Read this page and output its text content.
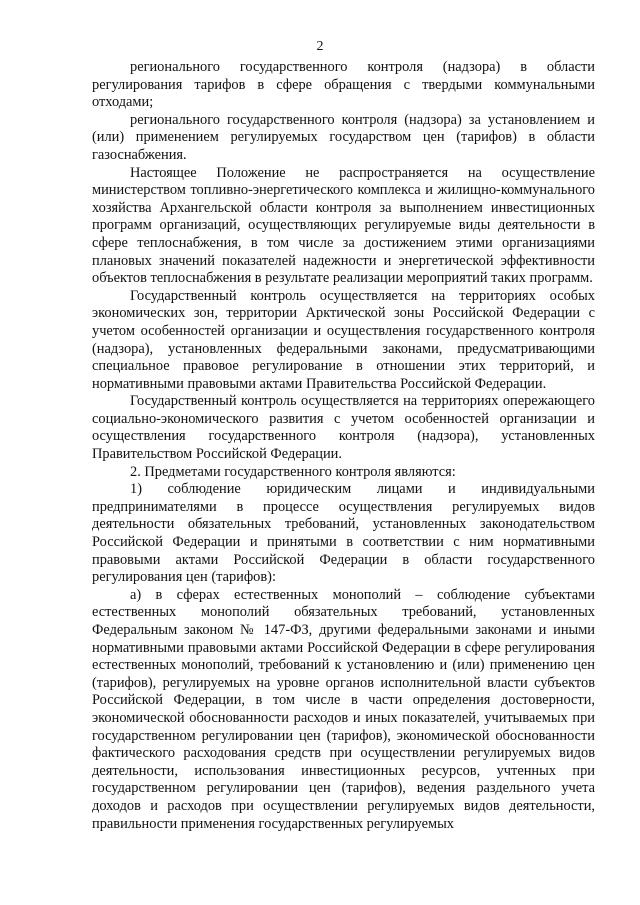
2

регионального государственного контроля (надзора) в области регулирования тарифов в сфере обращения с твердыми коммунальными отходами;

регионального государственного контроля (надзора) за установлением и (или) применением регулируемых государством цен (тарифов) в области газоснабжения.

Настоящее Положение не распространяется на осуществление министерством топливно-энергетического комплекса и жилищно-коммунального хозяйства Архангельской области контроля за выполнением инвестиционных программ организаций, осуществляющих регулируемые виды деятельности в сфере теплоснабжения, в том числе за достижением этими организациями плановых значений показателей надежности и энергетической эффективности объектов теплоснабжения в результате реализации мероприятий таких программ.

Государственный контроль осуществляется на территориях особых экономических зон, территории Арктической зоны Российской Федерации с учетом особенностей организации и осуществления государственного контроля (надзора), установленных федеральными законами, предусматривающими специальное правовое регулирование в отношении этих территорий, и нормативными правовыми актами Правительства Российской Федерации.

Государственный контроль осуществляется на территориях опережающего социально-экономического развития с учетом особенностей организации и осуществления государственного контроля (надзора), установленных Правительством Российской Федерации.

2. Предметами государственного контроля являются:

1) соблюдение юридическим лицами и индивидуальными предпринимателями в процессе осуществления регулируемых видов деятельности обязательных требований, установленных законодательством Российской Федерации и принятыми в соответствии с ним нормативными правовыми актами Российской Федерации в области государственного регулирования цен (тарифов):

а) в сферах естественных монополий – соблюдение субъектами естественных монополий обязательных требований, установленных Федеральным законом № 147-ФЗ, другими федеральными законами и иными нормативными правовыми актами Российской Федерации в сфере регулирования естественных монополий, требований к установлению и (или) применению цен (тарифов), регулируемых на уровне органов исполнительной власти субъектов Российской Федерации, в том числе в части определения достоверности, экономической обоснованности расходов и иных показателей, учитываемых при государственном регулировании цен (тарифов), экономической обоснованности фактического расходования средств при осуществлении регулируемых видов деятельности, использования инвестиционных ресурсов, учтенных при государственном регулировании цен (тарифов), ведения раздельного учета доходов и расходов при осуществлении регулируемых видов деятельности, правильности применения государственных регулируемых
